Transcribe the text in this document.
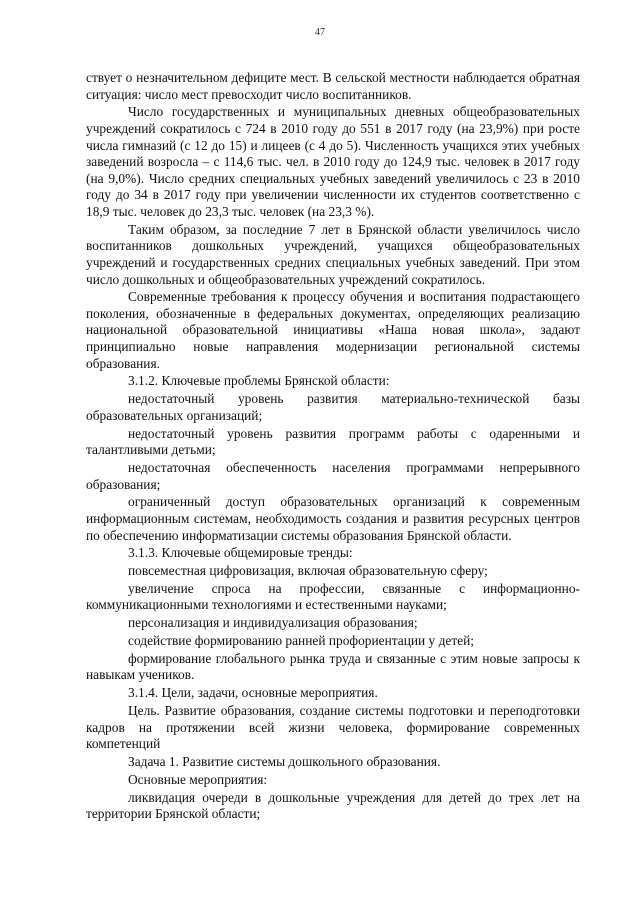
47

ствует о незначительном дефиците мест. В сельской местности наблюдается обратная ситуация: число мест превосходит число воспитанников.

Число государственных и муниципальных дневных общеобразовательных учреждений сократилось с 724 в 2010 году до 551 в 2017 году (на 23,9%) при росте числа гимназий (с 12 до 15) и лицеев (с 4 до 5). Численность учащихся этих учебных заведений возросла – с 114,6 тыс. чел. в 2010 году до 124,9 тыс. человек в 2017 году (на 9,0%). Число средних специальных учебных заведений увеличилось с 23 в 2010 году до 34 в 2017 году при увеличении численности их студентов соответственно с 18,9 тыс. человек до 23,3 тыс. человек (на 23,3 %).

Таким образом, за последние 7 лет в Брянской области увеличилось число воспитанников дошкольных учреждений, учащихся общеобразовательных учреждений и государственных средних специальных учебных заведений. При этом число дошкольных и общеобразовательных учреждений сократилось.

Современные требования к процессу обучения и воспитания подрастающего поколения, обозначенные в федеральных документах, определяющих реализацию национальной образовательной инициативы «Наша новая школа», задают принципиально новые направления модернизации региональной системы образования.

3.1.2. Ключевые проблемы Брянской области:

недостаточный уровень развития материально-технической базы образовательных организаций;

недостаточный уровень развития программ работы с одаренными и талантливыми детьми;

недостаточная обеспеченность населения программами непрерывного образования;

ограниченный доступ образовательных организаций к современным информационным системам, необходимость создания и развития ресурсных центров по обеспечению информатизации системы образования Брянской области.

3.1.3. Ключевые общемировые тренды:

повсеместная цифровизация, включая образовательную сферу;

увеличение спроса на профессии, связанные с информационно-коммуникационными технологиями и естественными науками;

персонализация и индивидуализация образования;

содействие формированию ранней профориентации у детей;

формирование глобального рынка труда и связанные с этим новые запросы к навыкам учеников.

3.1.4. Цели, задачи, основные мероприятия.

Цель. Развитие образования, создание системы подготовки и переподготовки кадров на протяжении всей жизни человека, формирование современных компетенций

Задача 1. Развитие системы дошкольного образования.

Основные мероприятия:

ликвидация очереди в дошкольные учреждения для детей до трех лет на территории Брянской области;
